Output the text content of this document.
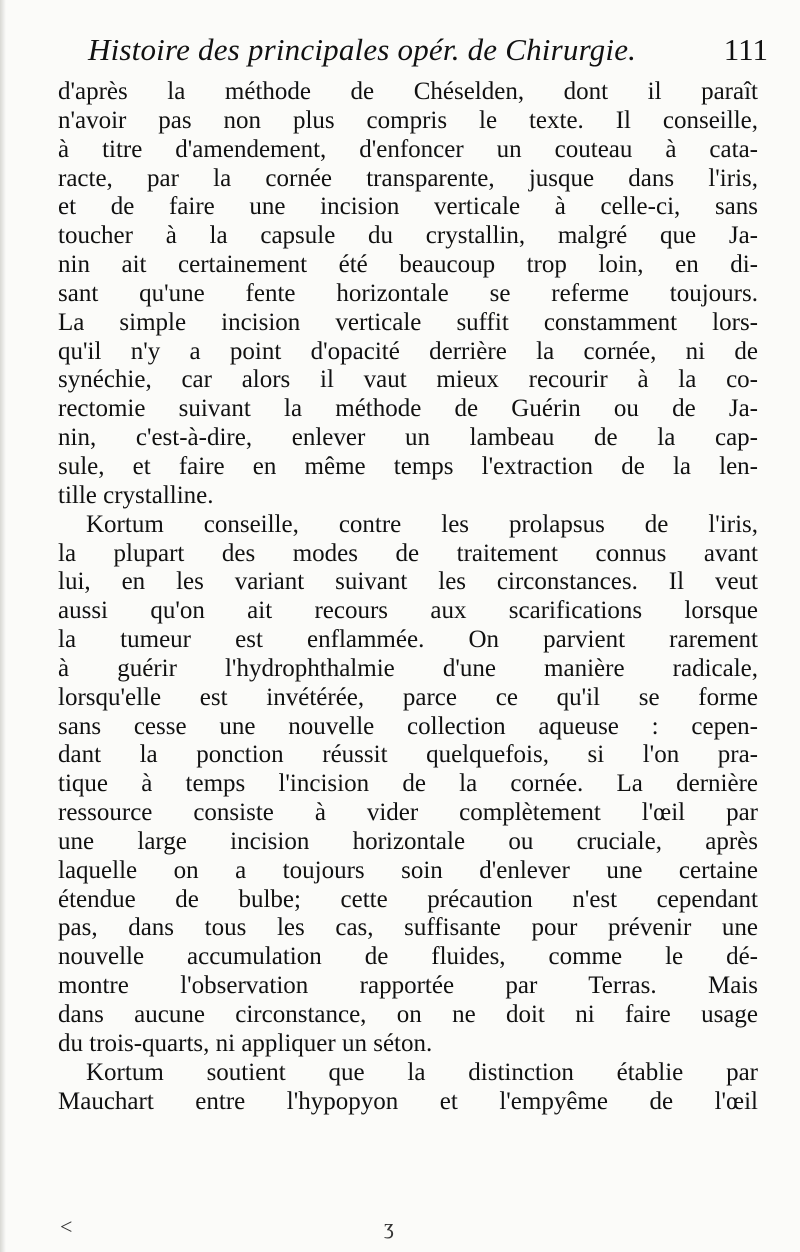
Histoire des principales opér. de Chirurgie.	111
d'après la méthode de Chéselden, dont il paraît
n'avoir pas non plus compris le texte. Il conseille,
à titre d'amendement, d'enfoncer un couteau à cata-
racte, par la cornée transparente, jusque dans l'iris,
et de faire une incision verticale à celle-ci, sans
toucher à la capsule du crystallin, malgré que Ja-
nin ait certainement été beaucoup trop loin, en di-
sant qu'une fente horizontale se referme toujours.
La simple incision verticale suffit constamment lors-
qu'il n'y a point d'opacité derrière la cornée, ni de
synéchie, car alors il vaut mieux recourir à la co-
rectomie suivant la méthode de Guérin ou de Ja-
nin, c'est-à-dire, enlever un lambeau de la cap-
sule, et faire en même temps l'extraction de la len-
tille crystalline.
Kortum conseille, contre les prolapsus de l'iris,
la plupart des modes de traitement connus avant
lui, en les variant suivant les circonstances. Il veut
aussi qu'on ait recours aux scarifications lorsque
la tumeur est enflammée. On parvient rarement
à guérir l'hydrophthalmie d'une manière radicale,
lorsqu'elle est invétérée, parce ce qu'il se forme
sans cesse une nouvelle collection aqueuse : cepen-
dant la ponction réussit quelquefois, si l'on pra-
tique à temps l'incision de la cornée. La dernière
ressource consiste à vider complètement l'œil par
une large incision horizontale ou cruciale, après
laquelle on a toujours soin d'enlever une certaine
étendue de bulbe; cette précaution n'est cependant
pas, dans tous les cas, suffisante pour prévenir une
nouvelle accumulation de fluides, comme le dé-
montre l'observation rapportée par Terras. Mais
dans aucune circonstance, on ne doit ni faire usage
du trois-quarts, ni appliquer un séton.
Kortum soutient que la distinction établie par
Mauchart entre l'hypopyon et l'empyême de l'œil
<	ʒ
